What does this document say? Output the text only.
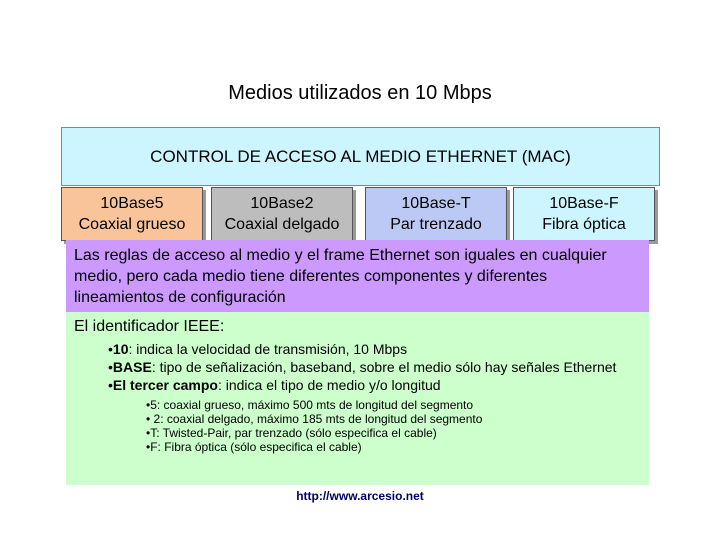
Medios utilizados en 10 Mbps
CONTROL DE ACCESO AL MEDIO ETHERNET (MAC)
10Base5
Coaxial grueso
10Base2
Coaxial delgado
10Base-T
Par trenzado
10Base-F
Fibra óptica
Las reglas de acceso al medio y el frame Ethernet son iguales en cualquier medio, pero cada medio tiene diferentes componentes y diferentes lineamientos de configuración
El identificador IEEE:
•10: indica la velocidad de transmisión, 10 Mbps
•BASE: tipo de señalización, baseband, sobre el medio sólo hay señales Ethernet
•El tercer campo: indica el tipo de medio y/o longitud
•5: coaxial grueso, máximo 500 mts de longitud del segmento
• 2: coaxial delgado, máximo 185 mts de longitud del segmento
•T: Twisted-Pair, par trenzado (sólo especifica el cable)
•F: Fibra óptica (sólo especifica el cable)
http://www.arcesio.net
